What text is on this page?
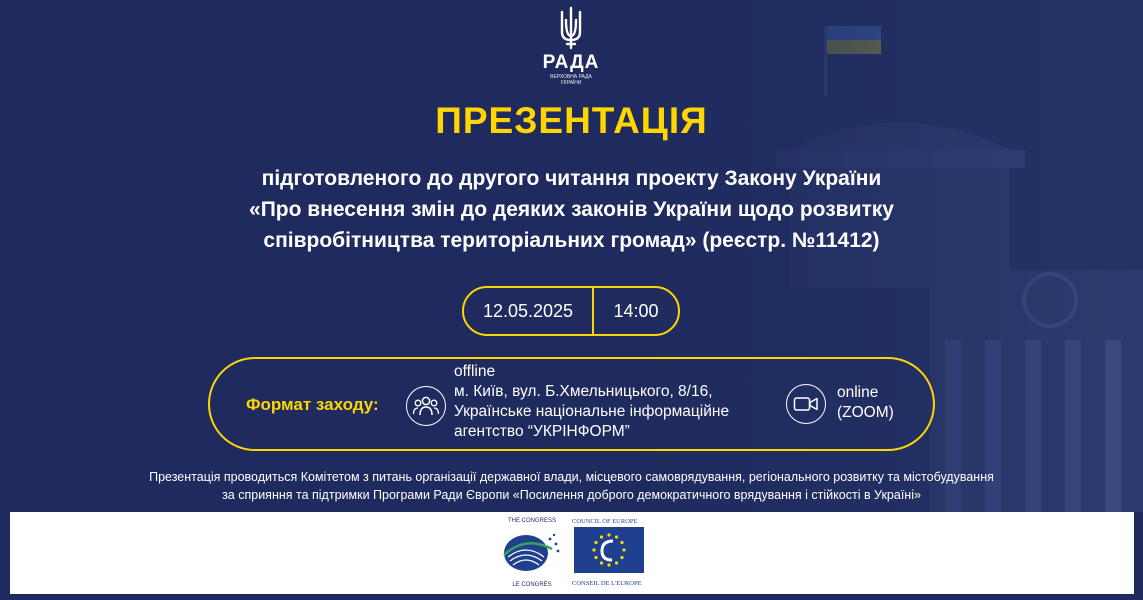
РАДА
ВЕРХОВНА РАДА
УКРАЇНИ
ПРЕЗЕНТАЦІЯ
підготовленого до другого читання проекту Закону України
«Про внесення змін до деяких законів України щодо розвитку
співробітництва територіальних громад» (реєстр. №11412)
12.05.2025	14:00
Формат заходу:
offline
м. Київ, вул. Б.Хмельницького, 8/16,
Українське національне інформаційне
агентство “УКРІНФОРМ”
online
(ZOOM)
Презентація проводиться Комітетом з питань організації державної влади, місцевого самоврядування, регіонального розвитку та містобудування
за сприяння та підтримки Програми Ради Європи «Посилення доброго демократичного врядування і стійкості в Україні»
THE CONGRESS
LE CONGRÈS
COUNCIL OF EUROPE
CONSEIL DE L'EUROPE
